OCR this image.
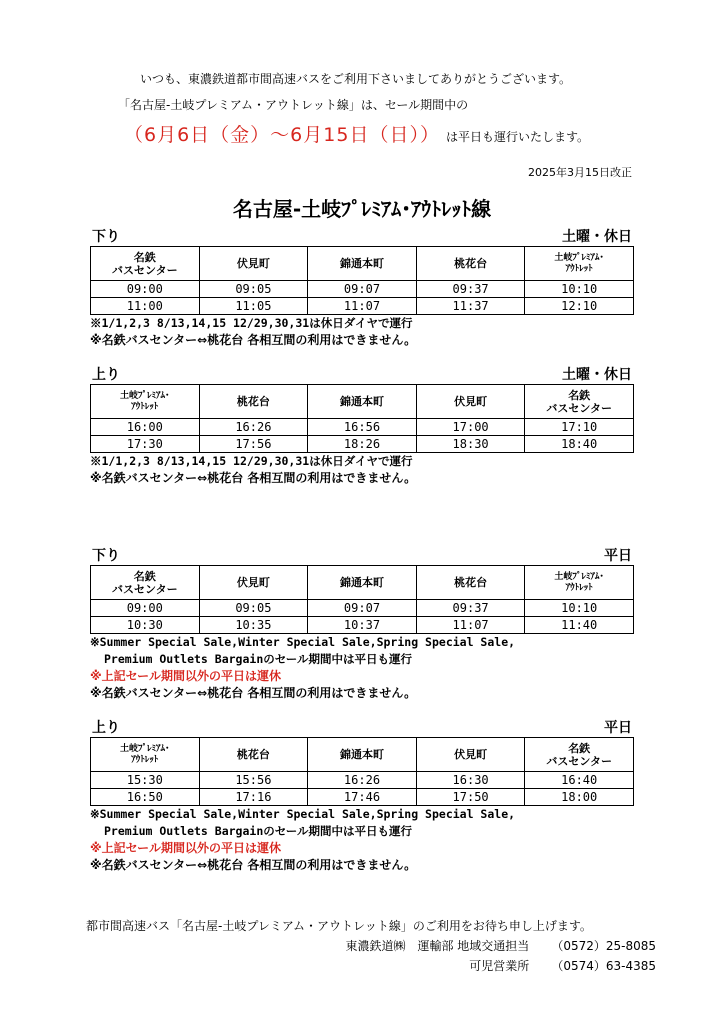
いつも、東濃鉄道都市間高速バスをご利用下さいましてありがとうございます。
「名古屋-土岐プレミアム・アウトレット線」は、セール期間中の
（6月6日（金）〜6月15日（日）） は平日も運行いたします。
2025年3月15日改正
名古屋-土岐ﾌﾟﾚﾐｱﾑ･ｱｳﾄﾚｯﾄ線
下り	土曜・休日
名鉄
バスセンター	伏見町	錦通本町	桃花台	土岐ﾌﾟﾚﾐｱﾑ･
ｱｳﾄﾚｯﾄ
09:00	09:05	09:07	09:37	10:10
11:00	11:05	11:07	11:37	12:10
※1/1,2,3 8/13,14,15 12/29,30,31は休日ダイヤで運行
※名鉄バスセンター⇔桃花台 各相互間の利用はできません。
上り	土曜・休日
土岐ﾌﾟﾚﾐｱﾑ･
ｱｳﾄﾚｯﾄ	桃花台	錦通本町	伏見町	名鉄
バスセンター
16:00	16:26	16:56	17:00	17:10
17:30	17:56	18:26	18:30	18:40
※1/1,2,3 8/13,14,15 12/29,30,31は休日ダイヤで運行
※名鉄バスセンター⇔桃花台 各相互間の利用はできません。
下り	平日
名鉄
バスセンター	伏見町	錦通本町	桃花台	土岐ﾌﾟﾚﾐｱﾑ･
ｱｳﾄﾚｯﾄ
09:00	09:05	09:07	09:37	10:10
10:30	10:35	10:37	11:07	11:40
※Summer Special Sale,Winter Special Sale,Spring Special Sale,
Premium Outlets Bargainのセール期間中は平日も運行
※上記セール期間以外の平日は運休
※名鉄バスセンター⇔桃花台 各相互間の利用はできません。
上り	平日
土岐ﾌﾟﾚﾐｱﾑ･
ｱｳﾄﾚｯﾄ	桃花台	錦通本町	伏見町	名鉄
バスセンター
15:30	15:56	16:26	16:30	16:40
16:50	17:16	17:46	17:50	18:00
※Summer Special Sale,Winter Special Sale,Spring Special Sale,
Premium Outlets Bargainのセール期間中は平日も運行
※上記セール期間以外の平日は運休
※名鉄バスセンター⇔桃花台 各相互間の利用はできません。
都市間高速バス「名古屋-土岐プレミアム・アウトレット線」のご利用をお待ち申し上げます。
東濃鉄道㈱　運輸部 地域交通担当 （0572）25-8085
可児営業所 （0574）63-4385
